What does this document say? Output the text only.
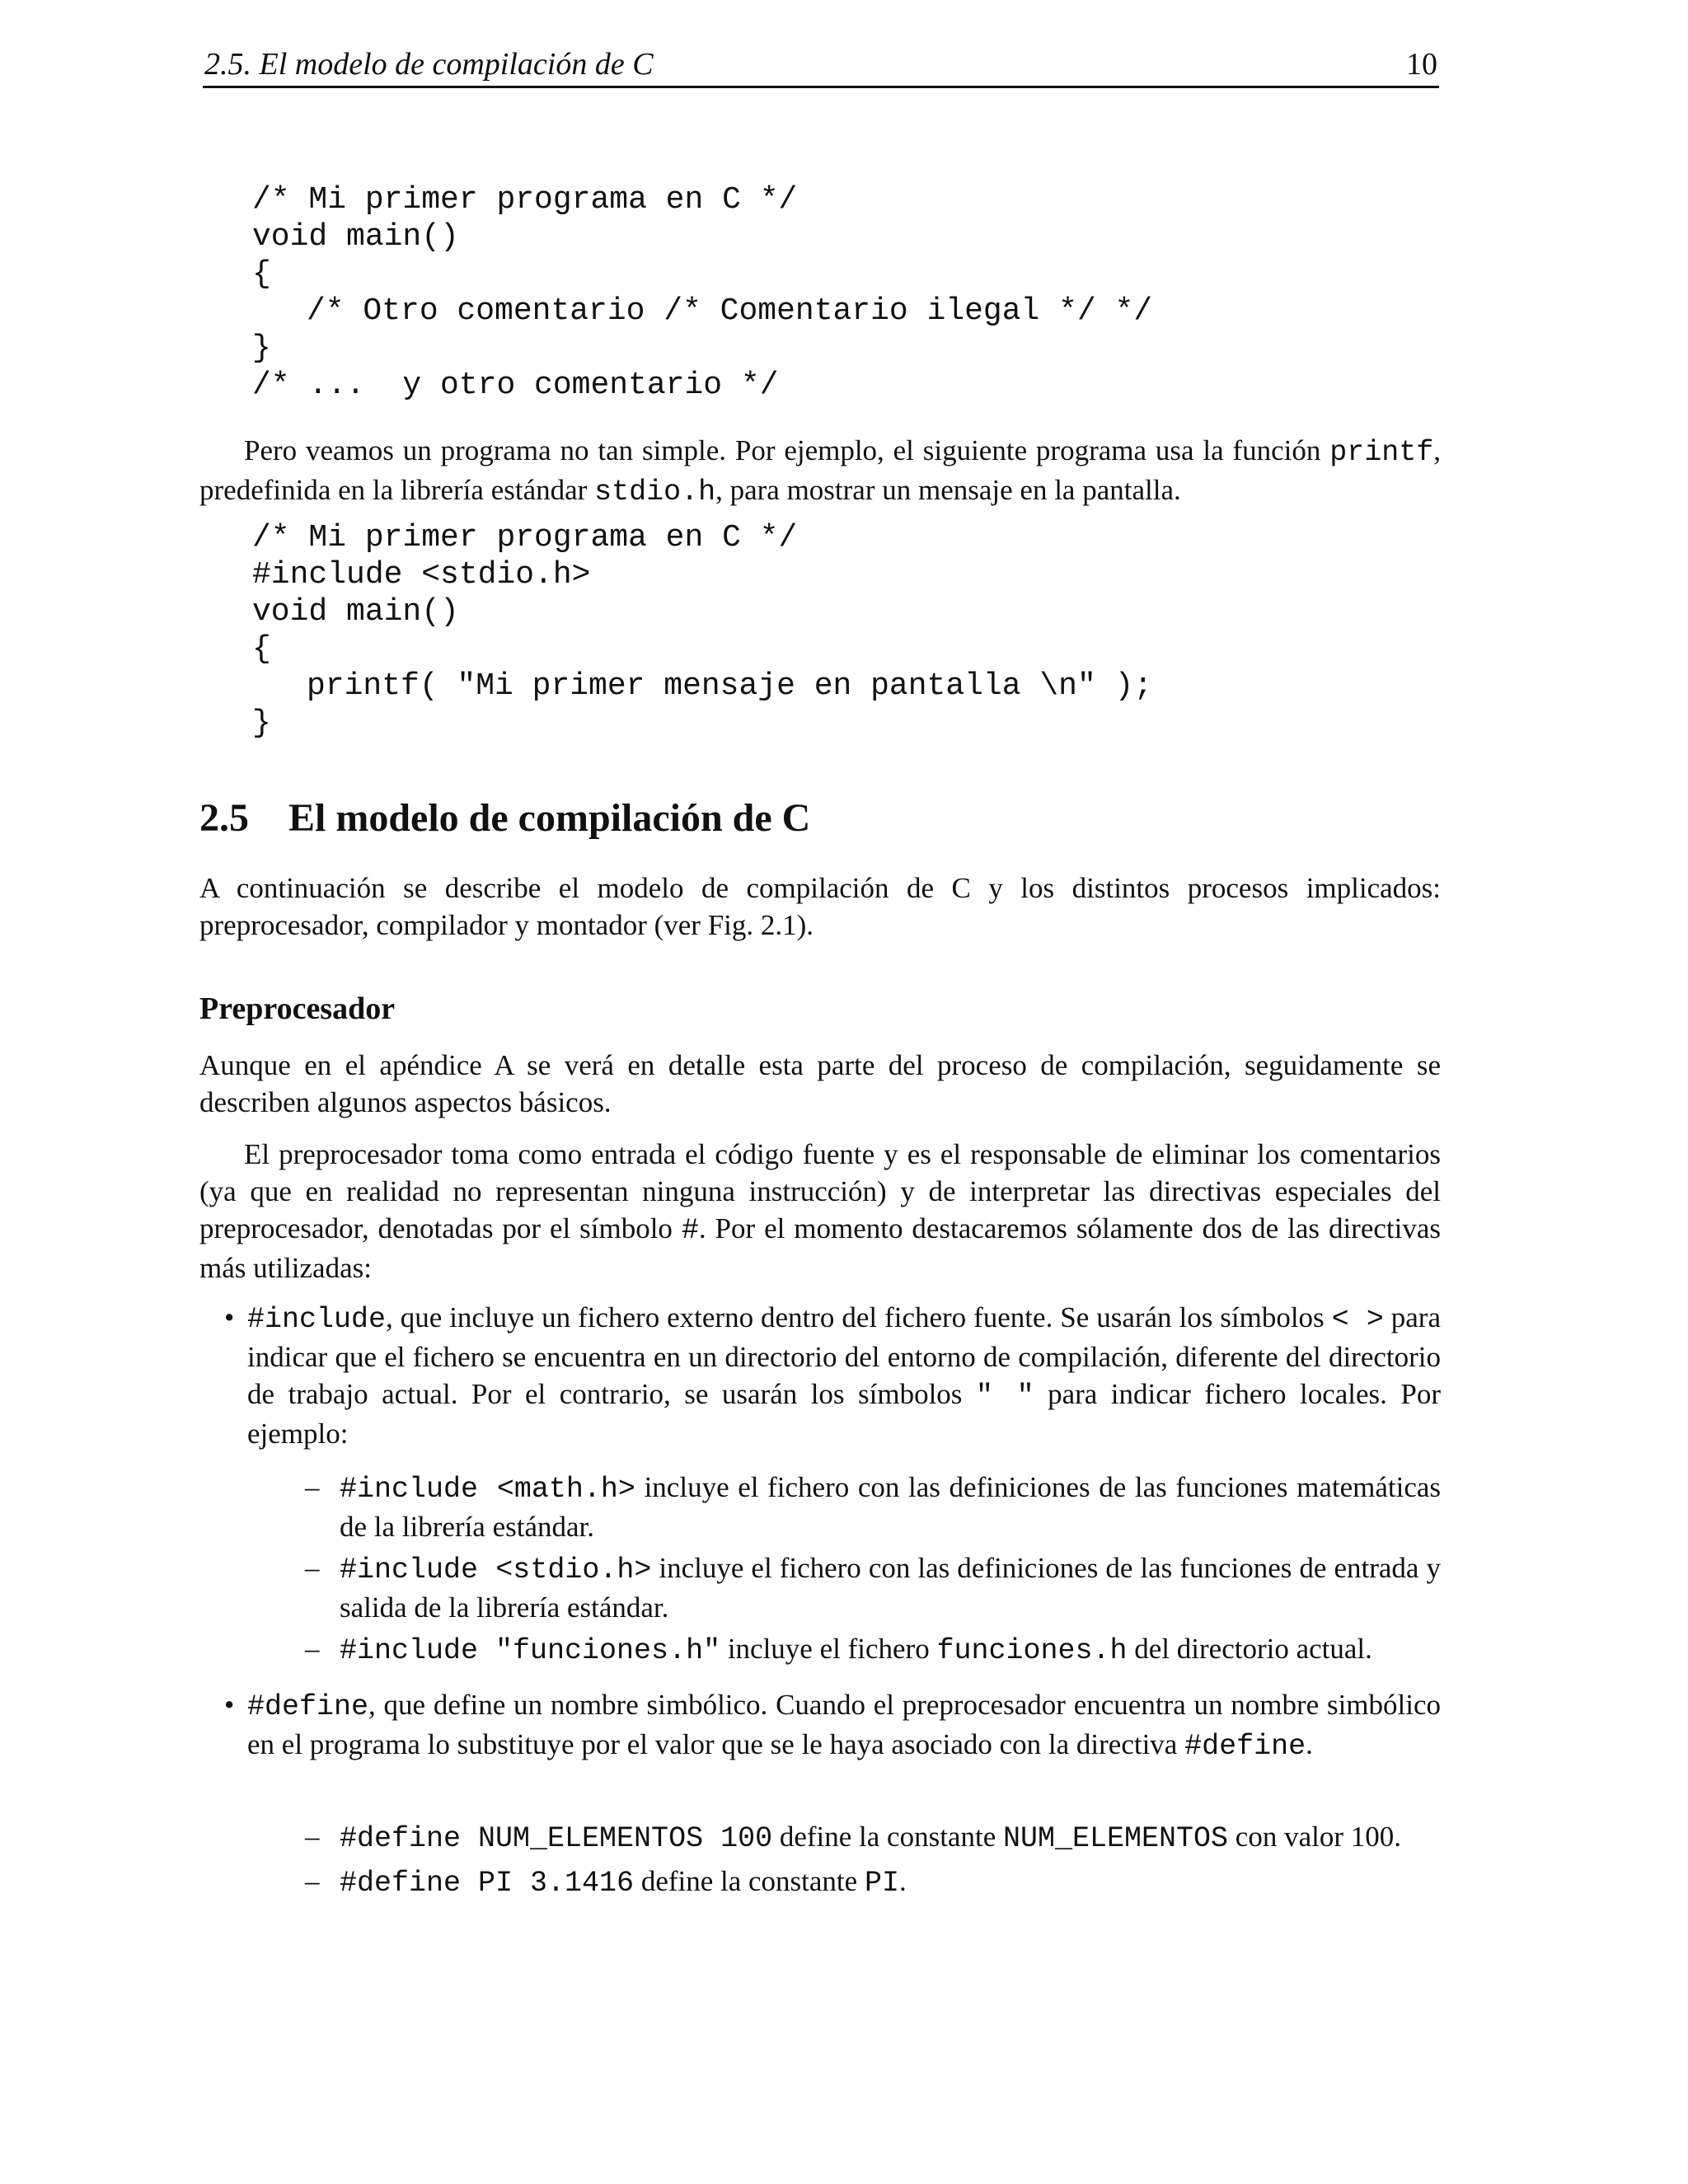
2.5. El modelo de compilación de C	10
/* Mi primer programa en C */
void main()
{
/* Otro comentario /* Comentario ilegal */ */
}
/* ...  y otro comentario */
Pero veamos un programa no tan simple. Por ejemplo, el siguiente programa usa la función printf, predefinida en la librería estándar stdio.h, para mostrar un mensaje en la pantalla.
/* Mi primer programa en C */
#include <stdio.h>
void main()
{
printf( "Mi primer mensaje en pantalla \n" );
}
2.5 El modelo de compilación de C
A continuación se describe el modelo de compilación de C y los distintos procesos implicados: preprocesador, compilador y montador (ver Fig. 2.1).
Preprocesador
Aunque en el apéndice A se verá en detalle esta parte del proceso de compilación, seguidamente se describen algunos aspectos básicos.
El preprocesador toma como entrada el código fuente y es el responsable de eliminar los comentarios (ya que en realidad no representan ninguna instrucción) y de interpretar las directivas especiales del preprocesador, denotadas por el símbolo #. Por el momento destacaremos sólamente dos de las directivas más utilizadas:
• #include, que incluye un fichero externo dentro del fichero fuente. Se usarán los símbolos < > para indicar que el fichero se encuentra en un directorio del entorno de compilación, diferente del directorio de trabajo actual. Por el contrario, se usarán los símbolos " " para indicar fichero locales. Por ejemplo:
– #include <math.h> incluye el fichero con las definiciones de las funciones matemáticas de la librería estándar.
– #include <stdio.h> incluye el fichero con las definiciones de las funciones de entrada y salida de la librería estándar.
– #include "funciones.h" incluye el fichero funciones.h del directorio actual.
• #define, que define un nombre simbólico. Cuando el preprocesador encuentra un nombre simbólico en el programa lo substituye por el valor que se le haya asociado con la directiva #define.
– #define NUM_ELEMENTOS 100 define la constante NUM_ELEMENTOS con valor 100.
– #define PI 3.1416 define la constante PI.
